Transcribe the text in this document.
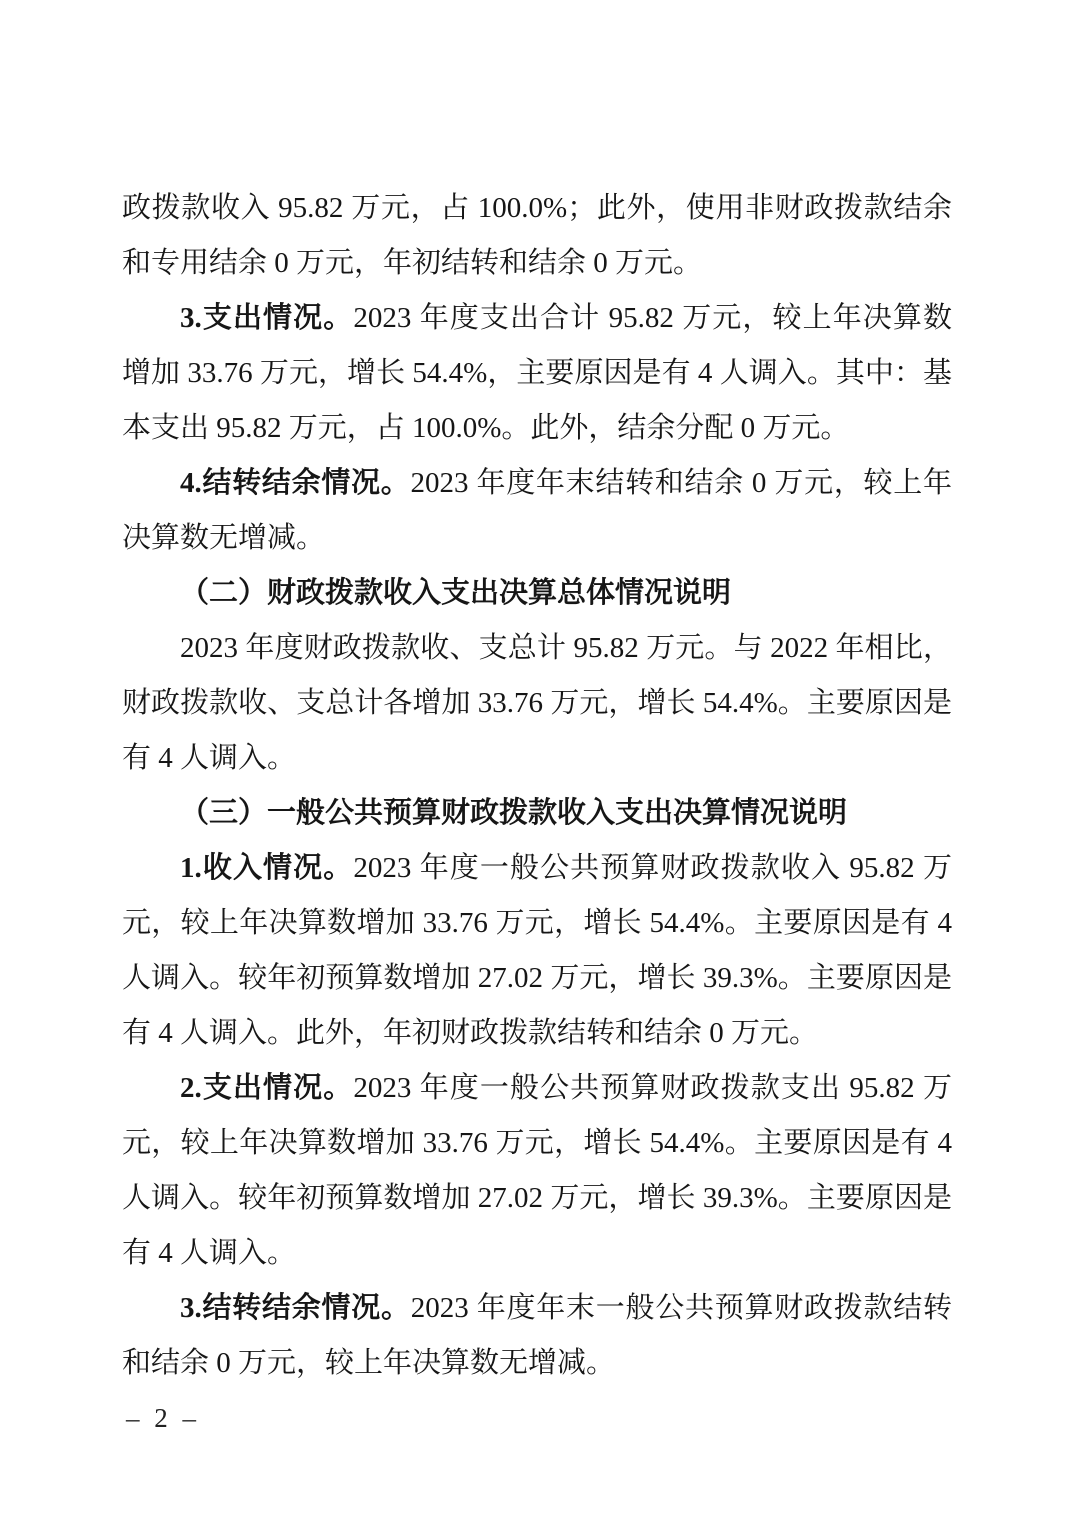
政拨款收入 95.82 万元，占 100.0%；此外，使用非财政拨款结余和专用结余 0 万元，年初结转和结余 0 万元。

3.支出情况。2023 年度支出合计 95.82 万元，较上年决算数增加 33.76 万元，增长 54.4%，主要原因是有 4 人调入。其中：基本支出 95.82 万元，占 100.0%。此外，结余分配 0 万元。

4.结转结余情况。2023 年度年末结转和结余 0 万元，较上年决算数无增减。

（二）财政拨款收入支出决算总体情况说明

2023 年度财政拨款收、支总计 95.82 万元。与 2022 年相比，财政拨款收、支总计各增加 33.76 万元，增长 54.4%。主要原因是有 4 人调入。

（三）一般公共预算财政拨款收入支出决算情况说明

1.收入情况。2023 年度一般公共预算财政拨款收入 95.82 万元，较上年决算数增加 33.76 万元，增长 54.4%。主要原因是有 4 人调入。较年初预算数增加 27.02 万元，增长 39.3%。主要原因是有 4 人调入。此外，年初财政拨款结转和结余 0 万元。

2.支出情况。2023 年度一般公共预算财政拨款支出 95.82 万元，较上年决算数增加 33.76 万元，增长 54.4%。主要原因是有 4 人调入。较年初预算数增加 27.02 万元，增长 39.3%。主要原因是有 4 人调入。

3.结转结余情况。2023 年度年末一般公共预算财政拨款结转和结余 0 万元，较上年决算数无增减。

– 2 –
